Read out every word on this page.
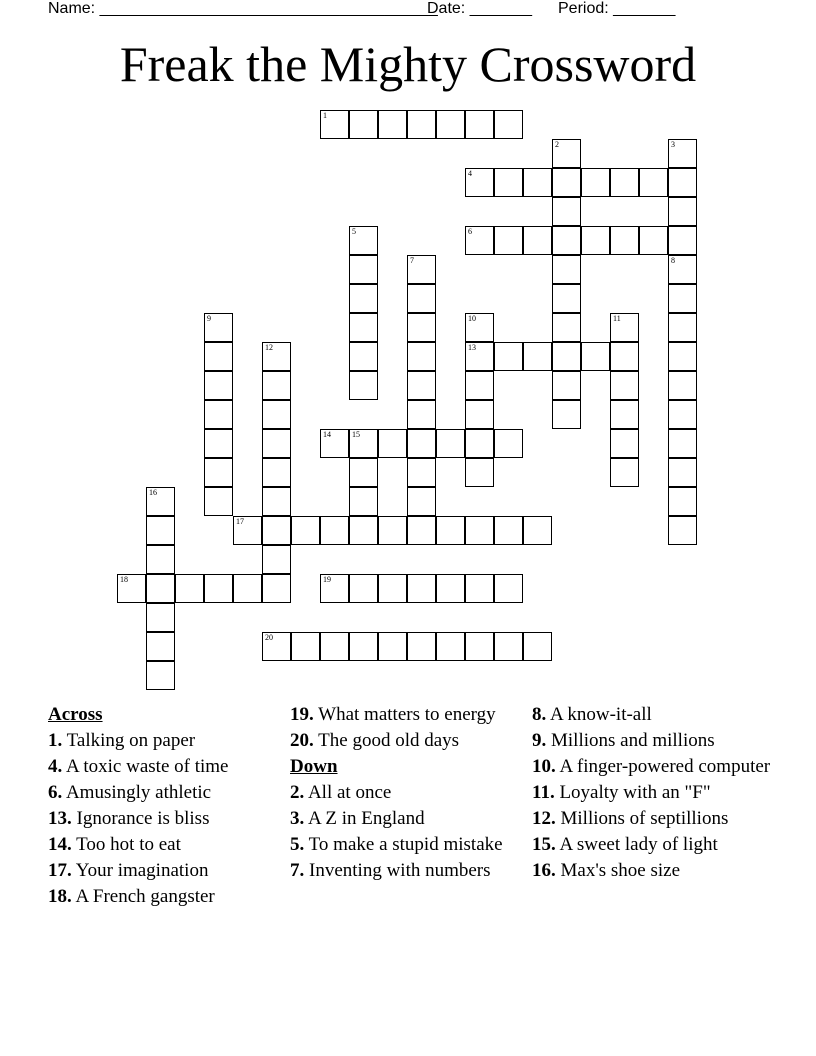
Name: ______________________________________
Date: _______ Period: _______
Freak the Mighty Crossword
1
2	3
4
5	6
7	8
9	10	11
12	13
14	15
16
17
18	19
20
Across
1. Talking on paper
4. A toxic waste of time
6. Amusingly athletic
13. Ignorance is bliss
14. Too hot to eat
17. Your imagination
18. A French gangster
19. What matters to energy
20. The good old days
Down
2. All at once
3. A Z in England
5. To make a stupid mistake
7. Inventing with numbers
8. A know-it-all
9. Millions and millions
10. A finger-powered computer
11. Loyalty with an "F"
12. Millions of septillions
15. A sweet lady of light
16. Max's shoe size
